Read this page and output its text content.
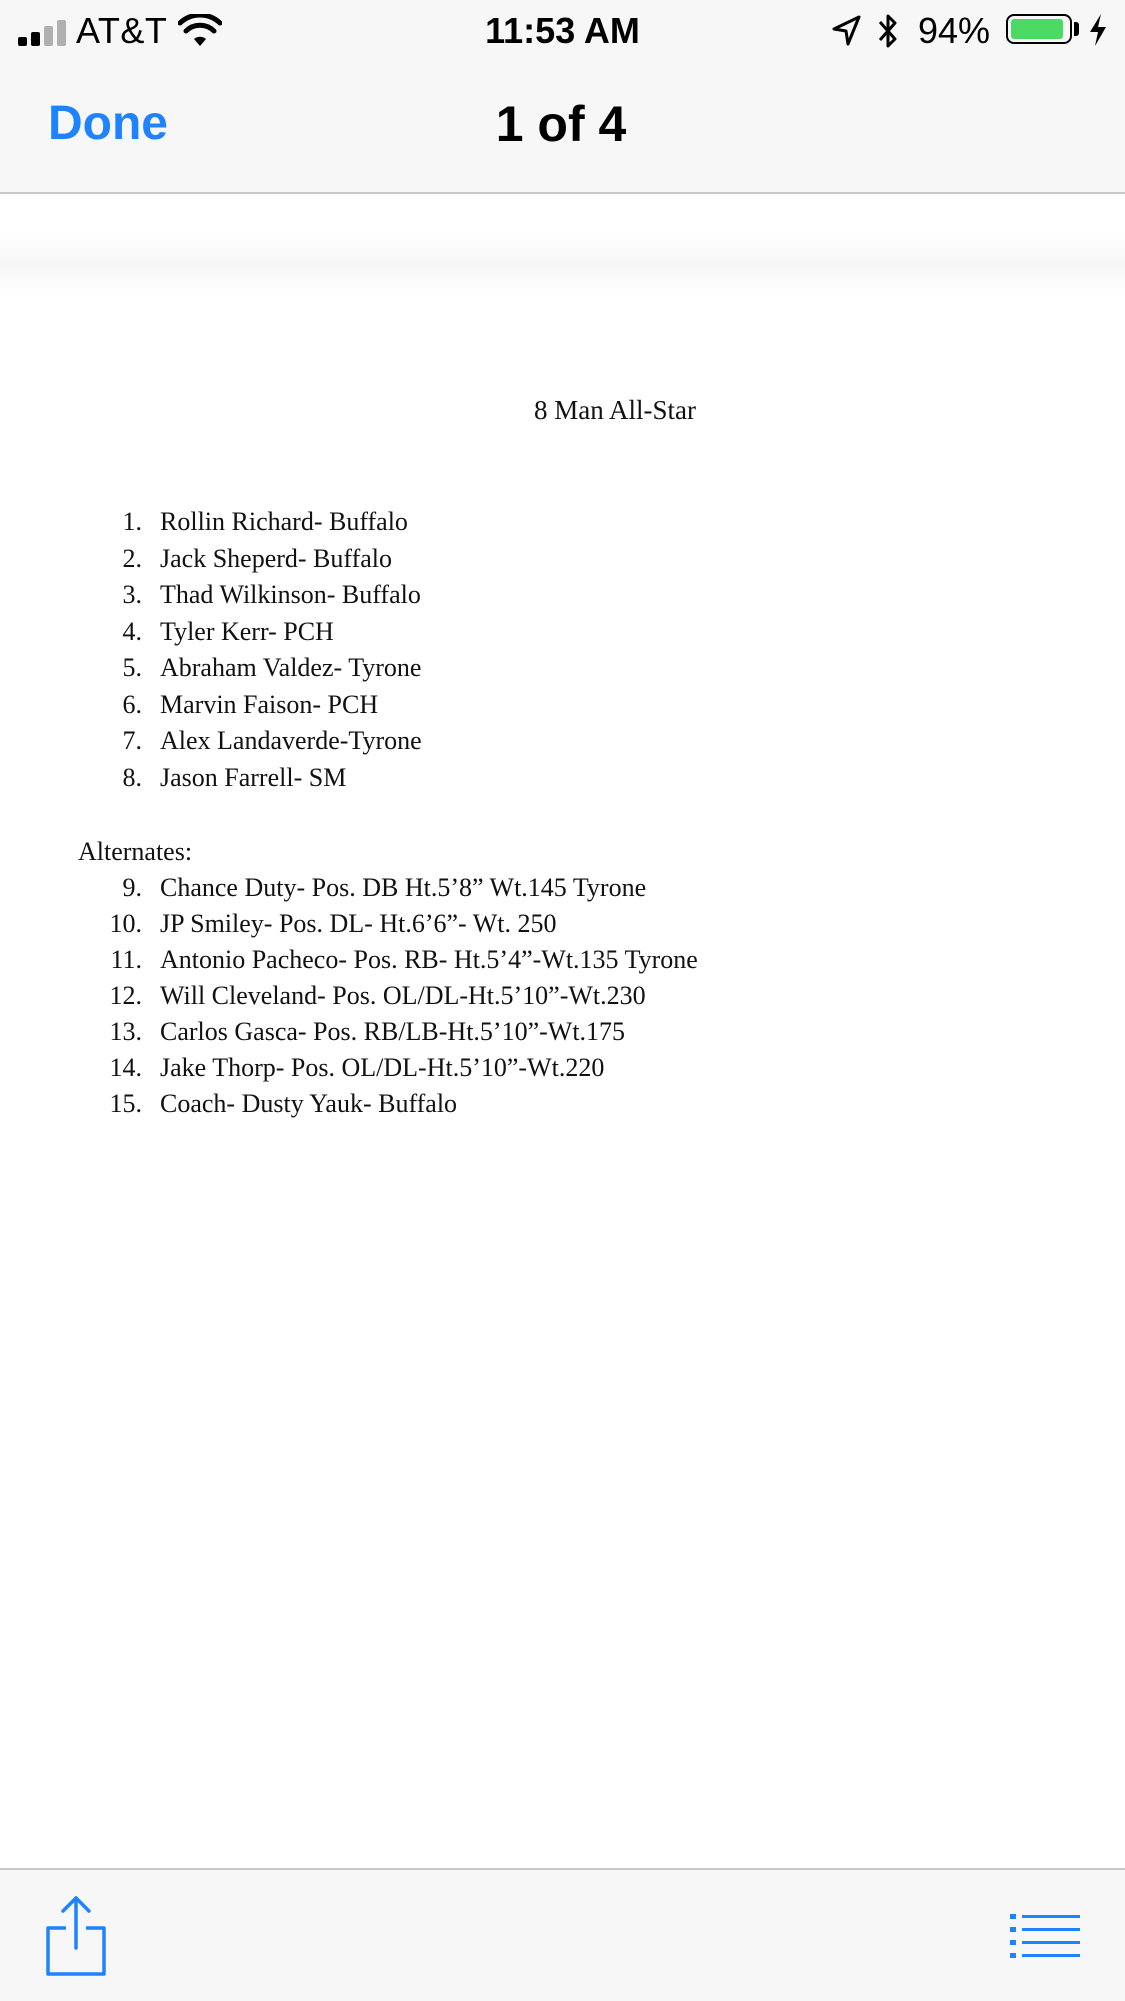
AT&T	11:53 AM	94%
Done	1 of 4
8 Man All-Star
1. Rollin Richard- Buffalo
2. Jack Sheperd- Buffalo
3. Thad Wilkinson- Buffalo
4. Tyler Kerr- PCH
5. Abraham Valdez- Tyrone
6. Marvin Faison- PCH
7. Alex Landaverde-Tyrone
8. Jason Farrell- SM
Alternates:
9. Chance Duty- Pos. DB Ht.5’8” Wt.145 Tyrone
10. JP Smiley- Pos. DL- Ht.6’6”- Wt. 250
11. Antonio Pacheco- Pos. RB- Ht.5’4”-Wt.135 Tyrone
12. Will Cleveland- Pos. OL/DL-Ht.5’10”-Wt.230
13. Carlos Gasca- Pos. RB/LB-Ht.5’10”-Wt.175
14. Jake Thorp- Pos. OL/DL-Ht.5’10”-Wt.220
15. Coach- Dusty Yauk- Buffalo
